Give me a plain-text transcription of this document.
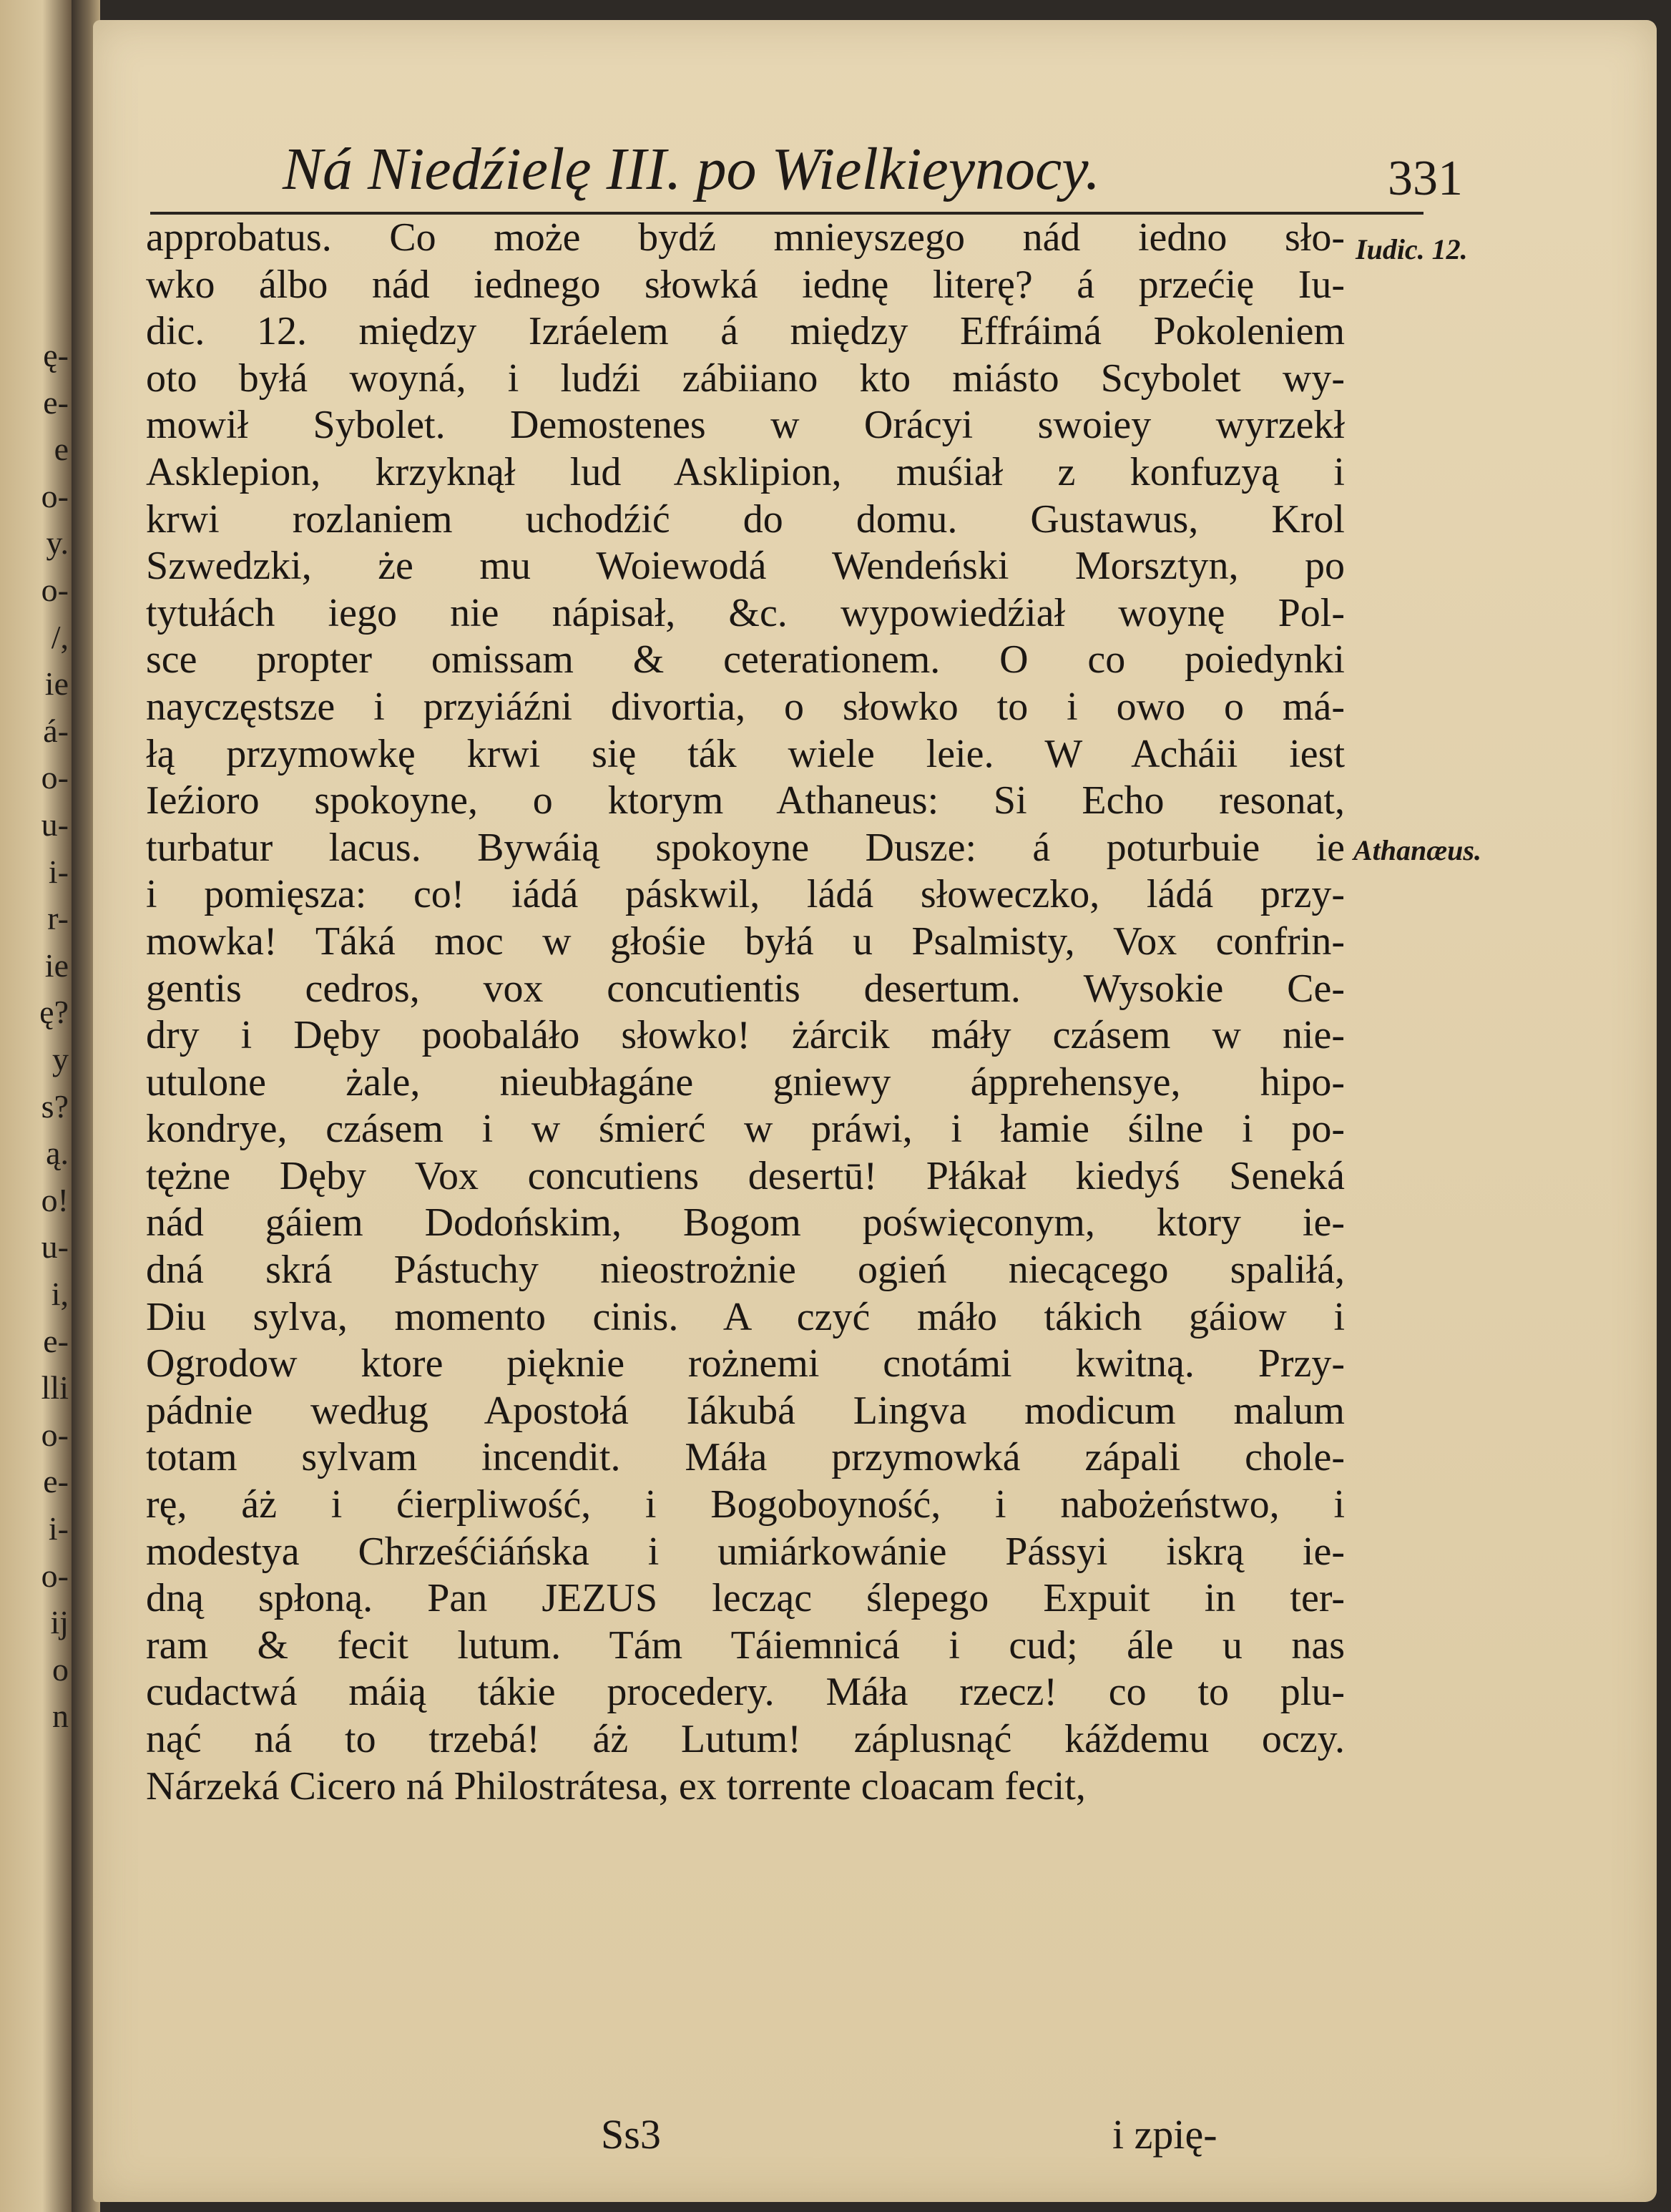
ę-
e-
e
o-
y.
o-
/,
ie
á-
o-
u-
i-
r-
ie
ę?
y
s?
ą.
o!
u-
i,
e-
lli
o-
e-
i-
o-
ij
o
n
Ná Niedźielę III. po Wielkieynocy.	331
approbatus. Co może bydź mnieyszego nád iedno sło-
wko álbo nád iednego słowká iednę literę? á przećię Iu-
dic. 12. między Izráelem á między Effráimá Pokoleniem
oto byłá woyná, i ludźi zábiiano kto miásto Scybolet wy-
mowił Sybolet. Demostenes w Orácyi swoiey wyrzekł
Asklepion, krzyknął lud Asklipion, muśiał z konfuzyą i
krwi rozlaniem uchodźić do domu. Gustawus, Krol
Szwedzki, że mu Woiewodá Wendeński Morsztyn, po
tytułách iego nie nápisał, &c. wypowiedźiał woynę Pol-
sce propter omissam & ceterationem. O co poiedynki
nayczęstsze i przyiáźni divortia, o słowko to i owo o má-
łą przymowkę krwi się ták wiele leie. W Acháii iest
Ieźioro spokoyne, o ktorym Athaneus: Si Echo resonat,
turbatur lacus. Bywáią spokoyne Dusze: á poturbuie ie
i pomięsza: co! iádá páskwil, ládá słoweczko, ládá przy-
mowka! Táká moc w głośie byłá u Psalmisty, Vox confrin-
gentis cedros, vox concutientis desertum. Wysokie Ce-
dry i Dęby poobaláło słowko! żárcik máły czásem w nie-
utulone żale, nieubłagáne gniewy ápprehensye, hipo-
kondrye, czásem i w śmierć w práwi, i łamie śilne i po-
tężne Dęby Vox concutiens desertū! Płákał kiedyś Seneká
nád gáiem Dodońskim, Bogom poświęconym, ktory ie-
dná skrá Pástuchy nieostrożnie ogień niecącego spaliłá,
Diu sylva, momento cinis. A czyć máło tákich gáiow i
Ogrodow ktore pięknie rożnemi cnotámi kwitną. Przy-
pádnie według Apostołá Iákubá Lingva modicum malum
totam sylvam incendit. Máła przymowká zápali chole-
rę, áż i ćierpliwość, i Bogoboyność, i nabożeństwo, i
modestya Chrześćiáńska i umiárkowánie Pássyi iskrą ie-
dną spłoną. Pan JEZUS lecząc ślepego Expuit in ter-
ram & fecit lutum. Tám Táiemnicá i cud; ále u nas
cudactwá máią tákie procedery. Máła rzecz! co to plu-
nąć ná to trzebá! áż Lutum! záplusnąć káždemu oczy.
Nárzeká Cicero ná Philostrátesa, ex torrente cloacam fecit,
Iudic. 12.
Athanæus.
Ss3	i zpię-
